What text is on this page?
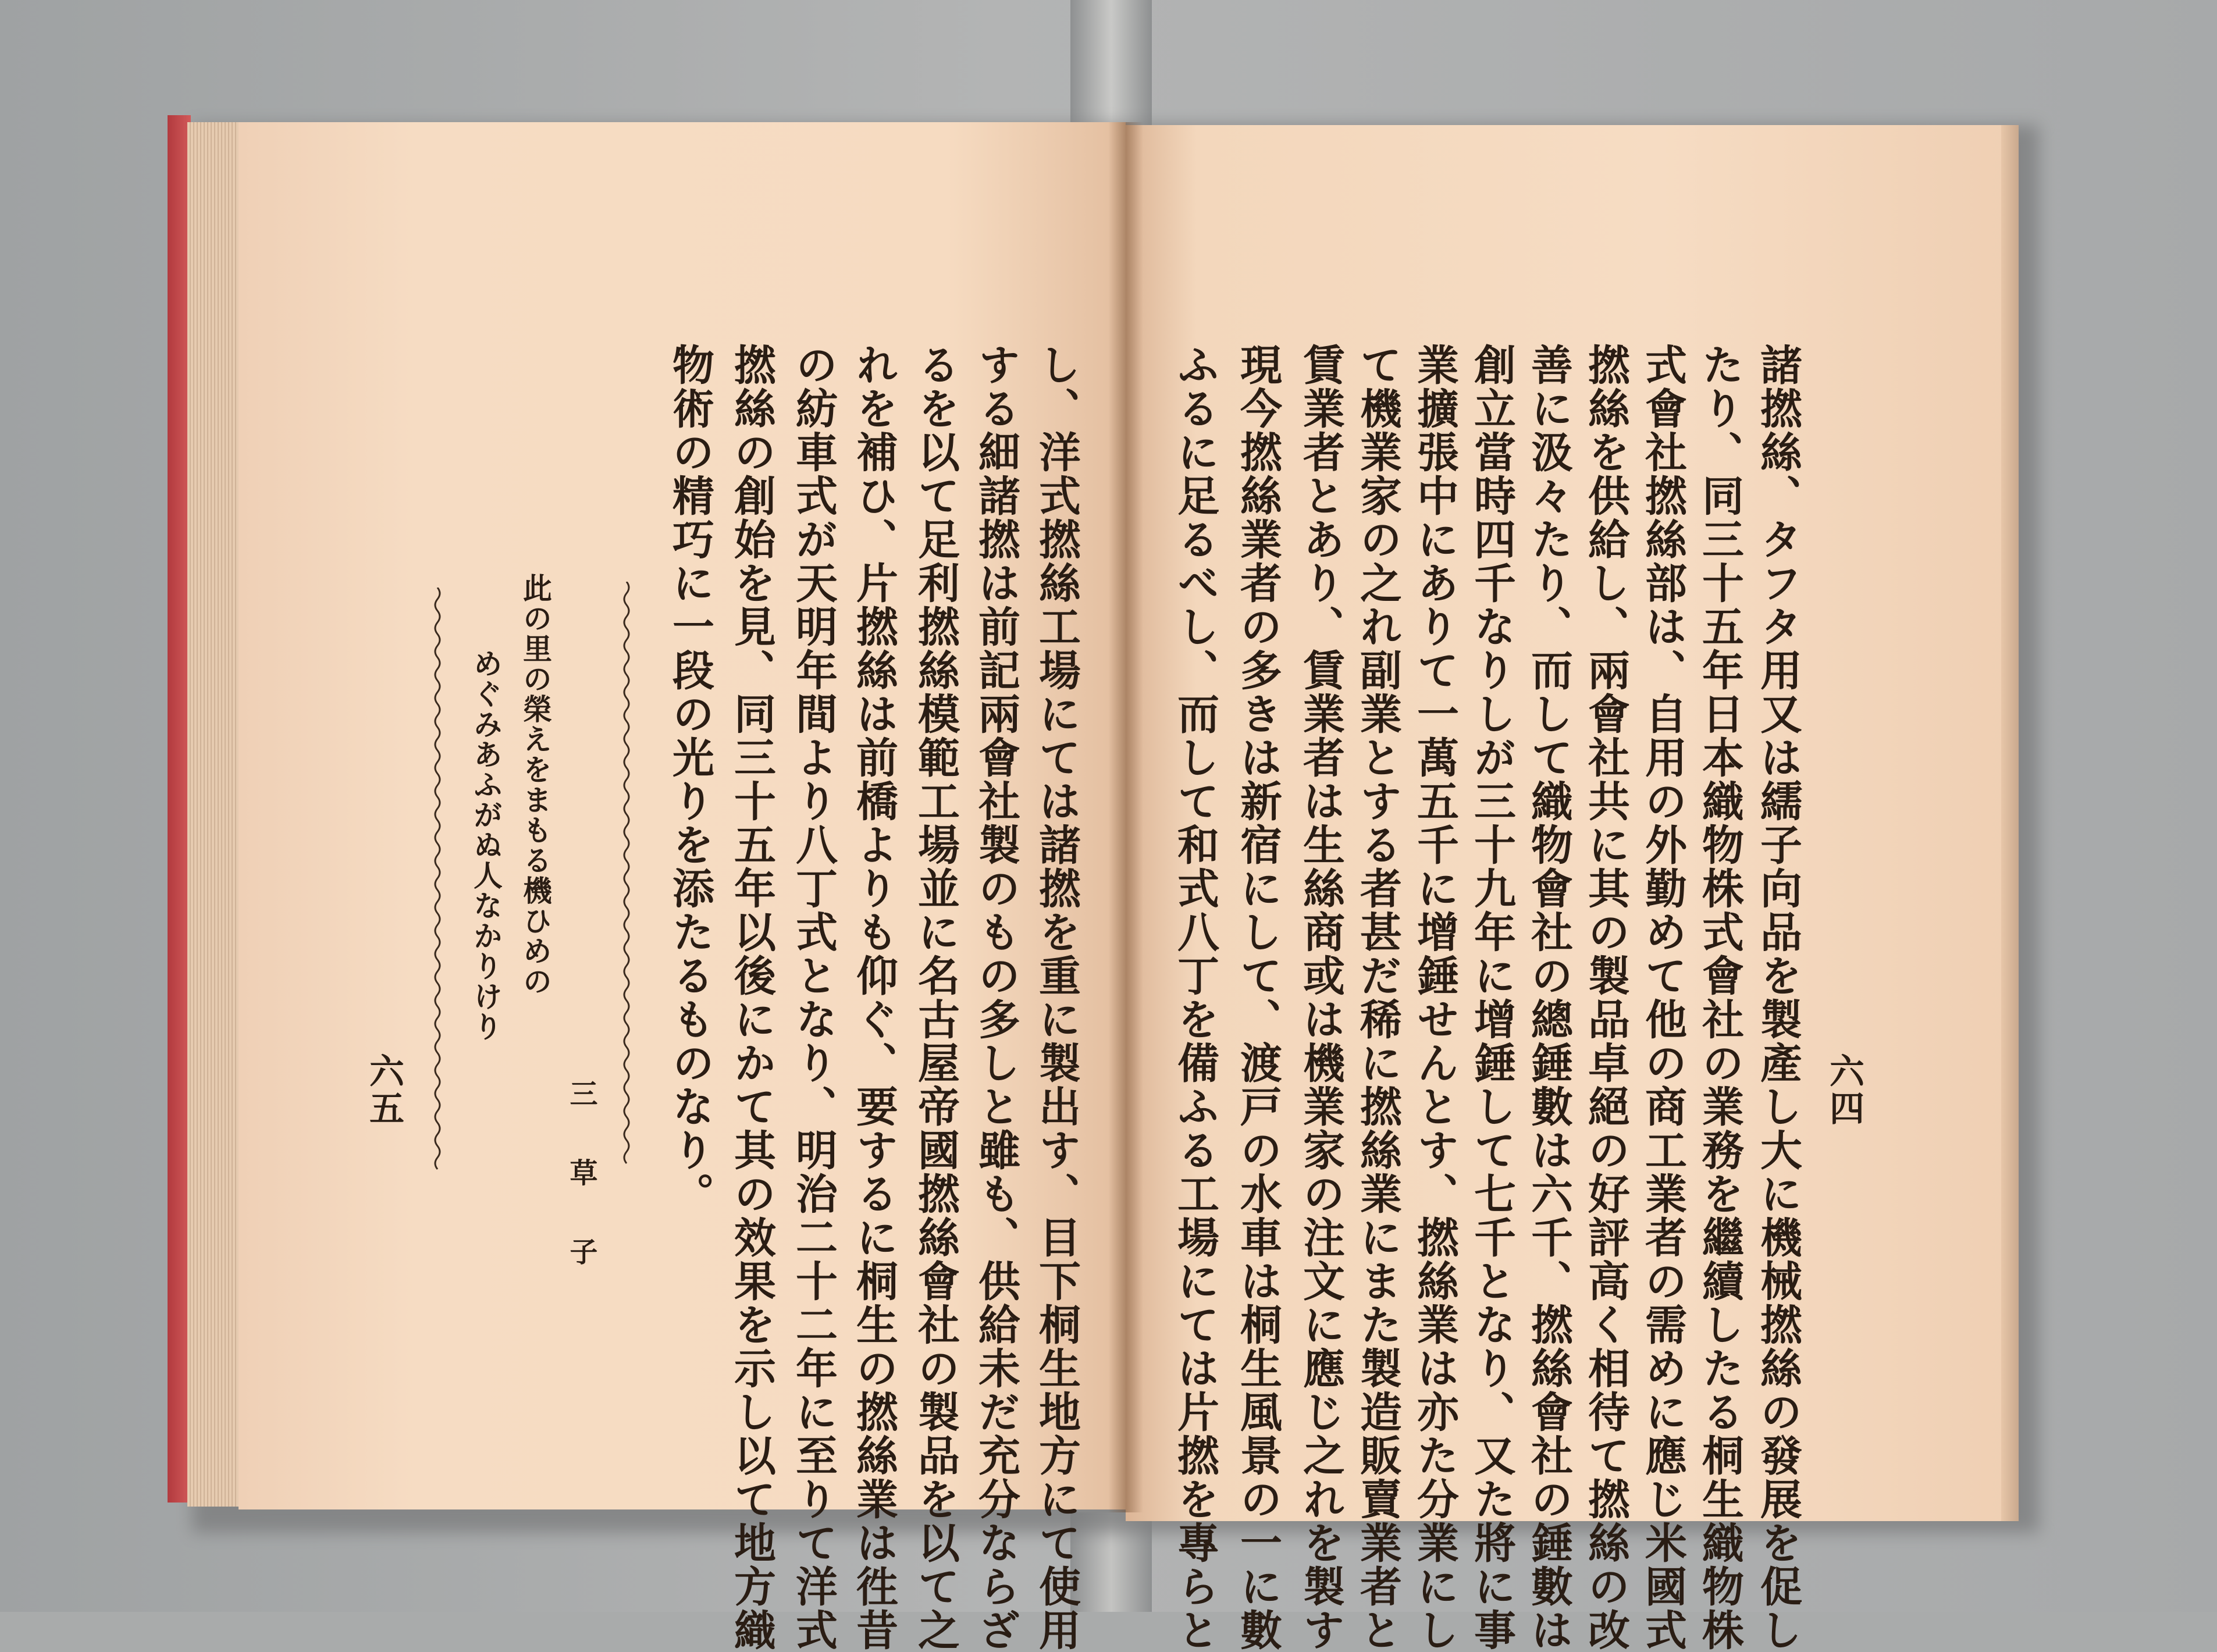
六四
諸撚絲、タフタ用又は繻子向品を製產し大に機械撚絲の發展を促し
たり、同三十五年日本織物株式會社の業務を繼續したる桐生織物株
式會社撚絲部は、自用の外勤めて他の商工業者の需めに應じ米國式
撚絲を供給し、兩會社共に其の製品卓絕の好評高く相待て撚絲の改
善に汲々たり、而して織物會社の總錘數は六千、撚絲會社の錘數は
創立當時四千なりしが三十九年に增錘して七千となり、又た將に事
業擴張中にありて一萬五千に增錘せんとす、撚絲業は亦た分業にし
て機業家の之れ副業とする者甚だ稀に撚絲業にまた製造販賣業者と
賃業者とあり、賃業者は生絲商或は機業家の注文に應じ之れを製す
現今撚絲業者の多きは新宿にして、渡戸の水車は桐生風景の一に數
ふるに足るべし、而して和式八丁を備ふる工場にては片撚を專らと
し、洋式撚絲工場にては諸撚を重に製出す、目下桐生地方にて使用
する細諸撚は前記兩會社製のもの多しと雖も、供給未だ充分ならざ
るを以て足利撚絲模範工場並に名古屋帝國撚絲會社の製品を以て之
れを補ひ、片撚絲は前橋よりも仰ぐ、要するに桐生の撚絲業は徃昔
の紡車式が天明年間より八丁式となり、明治二十二年に至りて洋式
撚絲の創始を見、同三十五年以後にかて其の效果を示し以て地方織
物術の精巧に一段の光りを添たるものなり。
此の里の榮えをまもる機ひめの
めぐみあふがぬ人なかりけり
三　草　子
六五
